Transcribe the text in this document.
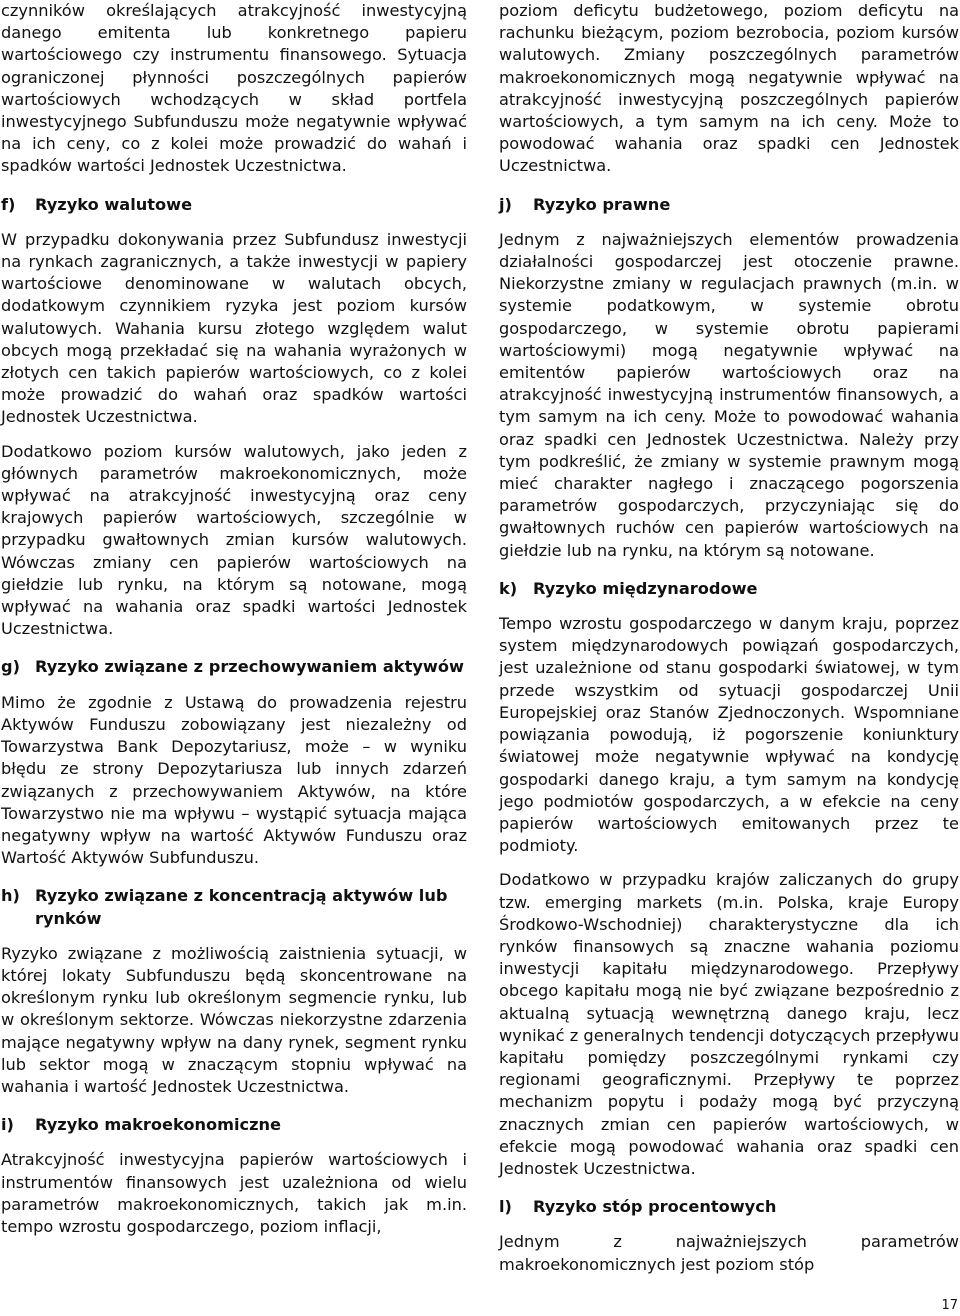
czynników określających atrakcyjność inwestycyjną danego emitenta lub konkretnego papieru wartościowego czy instrumentu finansowego. Sytuacja ograniczonej płynności poszczególnych papierów wartościowych wchodzących w skład portfela inwestycyjnego Subfunduszu może negatywnie wpływać na ich ceny, co z kolei może prowadzić do wahań i spadków wartości Jednostek Uczestnictwa.

f)	Ryzyko walutowe

W przypadku dokonywania przez Subfundusz inwestycji na rynkach zagranicznych, a także inwestycji w papiery wartościowe denominowane w walutach obcych, dodatkowym czynnikiem ryzyka jest poziom kursów walutowych. Wahania kursu złotego względem walut obcych mogą przekładać się na wahania wyrażonych w złotych cen takich papierów wartościowych, co z kolei może prowadzić do wahań oraz spadków wartości Jednostek Uczestnictwa.

Dodatkowo poziom kursów walutowych, jako jeden z głównych parametrów makroekonomicznych, może wpływać na atrakcyjność inwestycyjną oraz ceny krajowych papierów wartościowych, szczególnie w przypadku gwałtownych zmian kursów walutowych. Wówczas zmiany cen papierów wartościowych na giełdzie lub rynku, na którym są notowane, mogą wpływać na wahania oraz spadki wartości Jednostek Uczestnictwa.

g) Ryzyko związane z przechowywaniem aktywów

Mimo że zgodnie z Ustawą do prowadzenia rejestru Aktywów Funduszu zobowiązany jest niezależny od Towarzystwa Bank Depozytariusz, może – w wyniku błędu ze strony Depozytariusza lub innych zdarzeń związanych z przechowywaniem Aktywów, na które Towarzystwo nie ma wpływu – wystąpić sytuacja mająca negatywny wpływ na wartość Aktywów Funduszu oraz Wartość Aktywów Subfunduszu.

h) Ryzyko związane z koncentracją aktywów lub rynków

Ryzyko związane z możliwością zaistnienia sytuacji, w której lokaty Subfunduszu będą skoncentrowane na określonym rynku lub określonym segmencie rynku, lub w określonym sektorze. Wówczas niekorzystne zdarzenia mające negatywny wpływ na dany rynek, segment rynku lub sektor mogą w znaczącym stopniu wpływać na wahania i wartość Jednostek Uczestnictwa.

i)	Ryzyko makroekonomiczne

Atrakcyjność inwestycyjna papierów wartościowych i instrumentów finansowych jest uzależniona od wielu parametrów makroekonomicznych, takich jak m.in. tempo wzrostu gospodarczego, poziom inflacji,

poziom deficytu budżetowego, poziom deficytu na rachunku bieżącym, poziom bezrobocia, poziom kursów walutowych. Zmiany poszczególnych parametrów makroekonomicznych mogą negatywnie wpływać na atrakcyjność inwestycyjną poszczególnych papierów wartościowych, a tym samym na ich ceny. Może to powodować wahania oraz spadki cen Jednostek Uczestnictwa.

j)	Ryzyko prawne

Jednym z najważniejszych elementów prowadzenia działalności gospodarczej jest otoczenie prawne. Niekorzystne zmiany w regulacjach prawnych (m.in. w systemie podatkowym, w systemie obrotu gospodarczego, w systemie obrotu papierami wartościowymi) mogą negatywnie wpływać na emitentów papierów wartościowych oraz na atrakcyjność inwestycyjną instrumentów finansowych, a tym samym na ich ceny. Może to powodować wahania oraz spadki cen Jednostek Uczestnictwa. Należy przy tym podkreślić, że zmiany w systemie prawnym mogą mieć charakter nagłego i znaczącego pogorszenia parametrów gospodarczych, przyczyniając się do gwałtownych ruchów cen papierów wartościowych na giełdzie lub na rynku, na którym są notowane.

k) Ryzyko międzynarodowe

Tempo wzrostu gospodarczego w danym kraju, poprzez system międzynarodowych powiązań gospodarczych, jest uzależnione od stanu gospodarki światowej, w tym przede wszystkim od sytuacji gospodarczej Unii Europejskiej oraz Stanów Zjednoczonych. Wspomniane powiązania powodują, iż pogorszenie koniunktury światowej może negatywnie wpływać na kondycję gospodarki danego kraju, a tym samym na kondycję jego podmiotów gospodarczych, a w efekcie na ceny papierów wartościowych emitowanych przez te podmioty.

Dodatkowo w przypadku krajów zaliczanych do grupy tzw. emerging markets (m.in. Polska, kraje Europy Środkowo-Wschodniej) charakterystyczne dla ich rynków finansowych są znaczne wahania poziomu inwestycji kapitału międzynarodowego. Przepływy obcego kapitału mogą nie być związane bezpośrednio z aktualną sytuacją wewnętrzną danego kraju, lecz wynikać z generalnych tendencji dotyczących przepływu kapitału pomiędzy poszczególnymi rynkami czy regionami geograficznymi. Przepływy te poprzez mechanizm popytu i podaży mogą być przyczyną znacznych zmian cen papierów wartościowych, w efekcie mogą powodować wahania oraz spadki cen Jednostek Uczestnictwa.

l)	Ryzyko stóp procentowych

Jednym z najważniejszych parametrów makroekonomicznych jest poziom stóp

17
